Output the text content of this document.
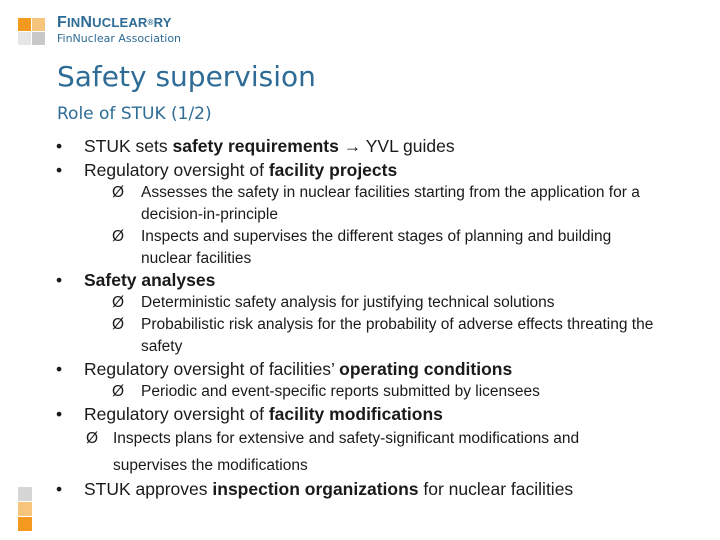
FINNUCLEAR®RY
FinNuclear Association
Safety supervision
Role of STUK (1/2)
• STUK sets safety requirements → YVL guides
• Regulatory oversight of facility projects
Ø Assesses the safety in nuclear facilities starting from the application for a decision-in-principle
Ø Inspects and supervises the different stages of planning and building nuclear facilities
• Safety analyses
Ø Deterministic safety analysis for justifying technical solutions
Ø Probabilistic risk analysis for the probability of adverse effects threating the safety
• Regulatory oversight of facilities’ operating conditions
Ø Periodic and event-specific reports submitted by licensees
• Regulatory oversight of facility modifications
Ø Inspects plans for extensive and safety-significant modifications and supervises the modifications
• STUK approves inspection organizations for nuclear facilities
